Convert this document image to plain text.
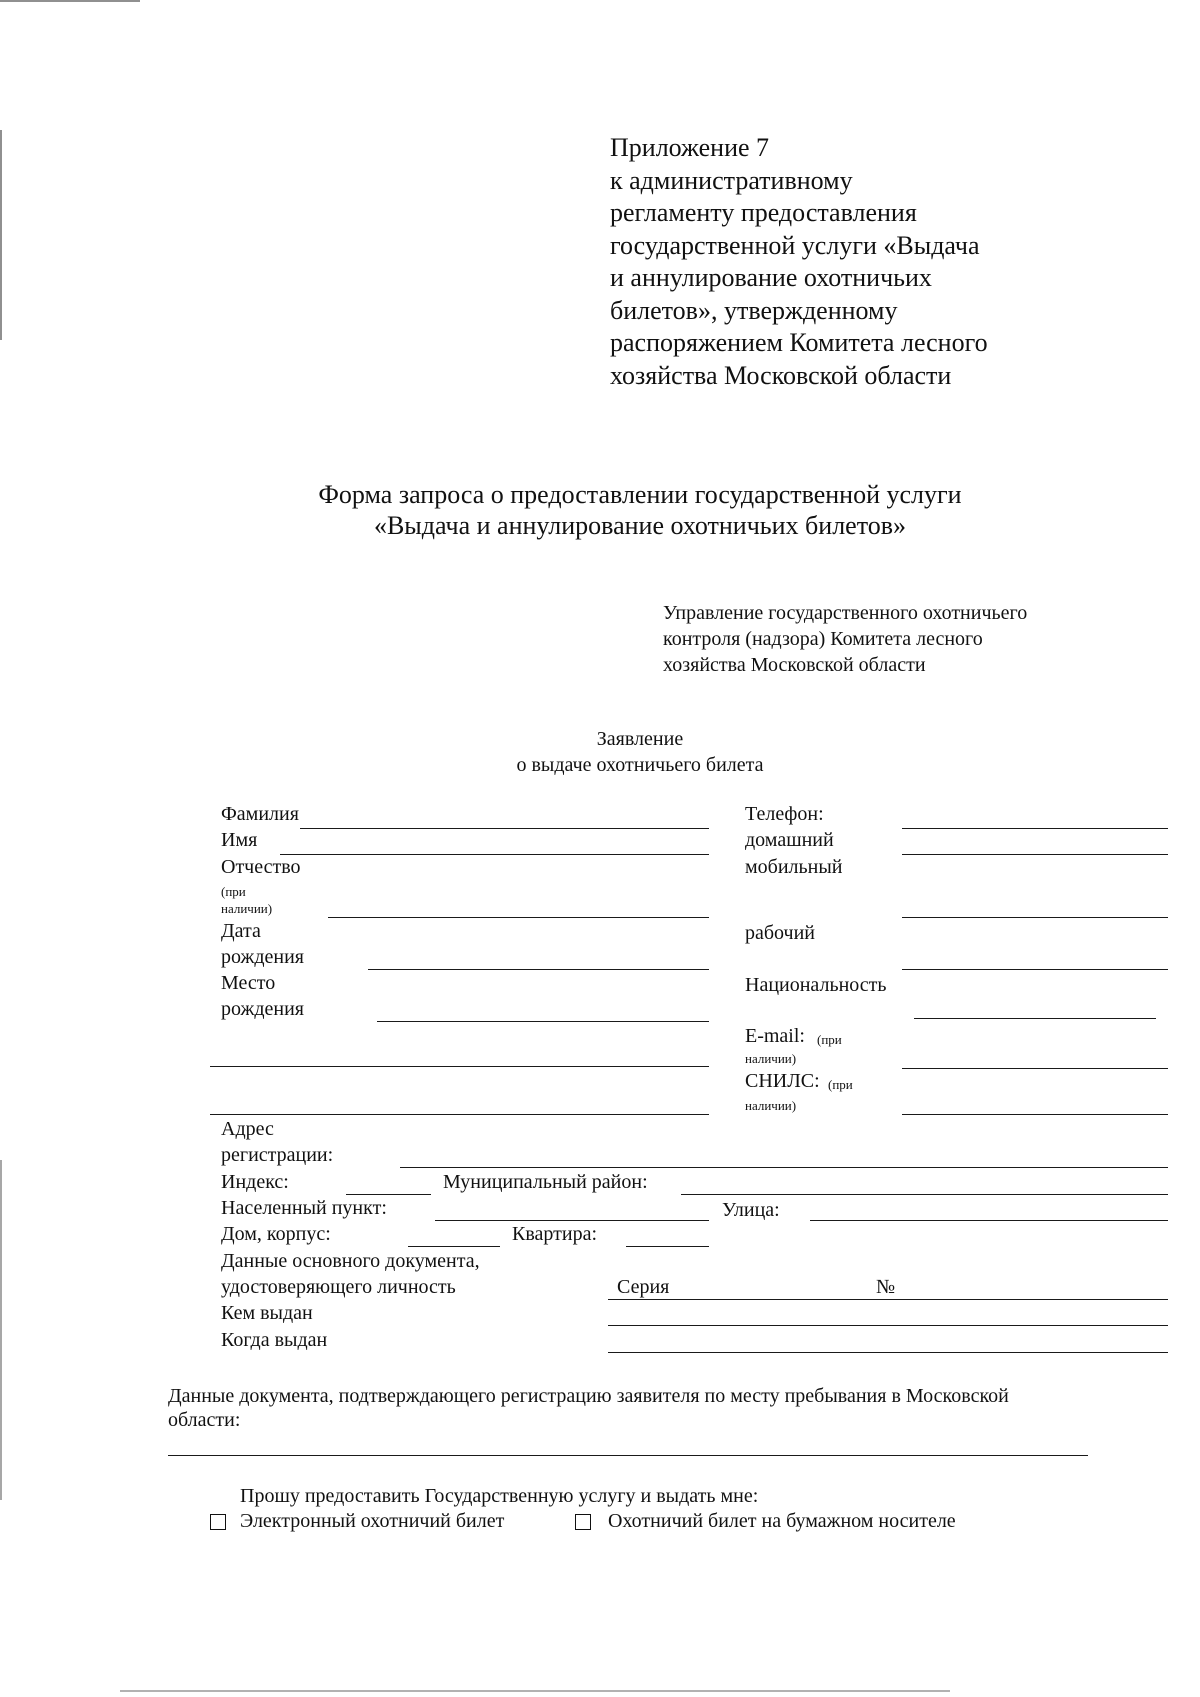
Приложение 7
к административному
регламенту предоставления
государственной услуги «Выдача
и аннулирование охотничьих
билетов», утвержденному
распоряжением Комитета лесного
хозяйства Московской области
Форма запроса о предоставлении государственной услуги
«Выдача и аннулирование охотничьих билетов»
Управление государственного охотничьего
контроля (надзора) Комитета лесного
хозяйства Московской области
Заявление
о выдаче охотничьего билета
Фамилия
Имя
Отчество
(при
наличии)
Дата
рождения
Место
рождения
Телефон:
домашний
мобильный
рабочий
Национальность
E-mail: (при
наличии)
СНИЛС: (при
наличии)
Адрес
регистрации:
Индекс:	Муниципальный район:
Населенный пункт:	Улица:
Дом, корпус:	Квартира:
Данные основного документа,
удостоверяющего личность	Серия	№
Кем выдан
Когда выдан
Данные документа, подтверждающего регистрацию заявителя по месту пребывания в Московской
области:
Прошу предоставить Государственную услугу и выдать мне:
Электронный охотничий билет	Охотничий билет на бумажном носителе
